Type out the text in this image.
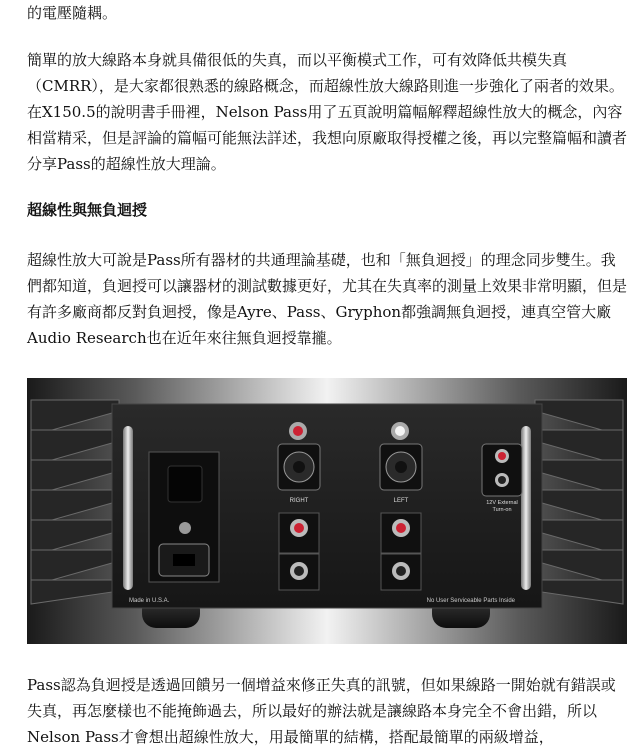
的電壓隨耦。

簡單的放大線路本身就具備很低的失真，而以平衡模式工作，可有效降低共模失真（CMRR），是大家都很熟悉的線路概念，而超線性放大線路則進一步強化了兩者的效果。在X150.5的說明書手冊裡，Nelson Pass用了五頁說明篇幅解釋超線性放大的概念，內容相當精采，但是評論的篇幅可能無法詳述，我想向原廠取得授權之後，再以完整篇幅和讀者分享Pass的超線性放大理論。

超線性與無負迴授

超線性放大可說是Pass所有器材的共通理論基礎，也和「無負迴授」的理念同步雙生。我們都知道，負迴授可以讓器材的測試數據更好，尤其在失真率的測量上效果非常明顯，但是有許多廠商都反對負迴授，像是Ayre、Pass、Gryphon都強調無負迴授，連真空管大廠Audio Research也在近年來往無負迴授靠攏。

RIGHT	LEFT	12V External
Turn-on
Made in U.S.A.	No User Serviceable Parts Inside

Pass認為負迴授是透過回饋另一個增益來修正失真的訊號，但如果線路一開始就有錯誤或失真，再怎麼樣也不能掩飾過去，所以最好的辦法就是讓線路本身完全不會出錯，所以Nelson Pass才會想出超線性放大，用最簡單的結構，搭配最簡單的兩級增益，
